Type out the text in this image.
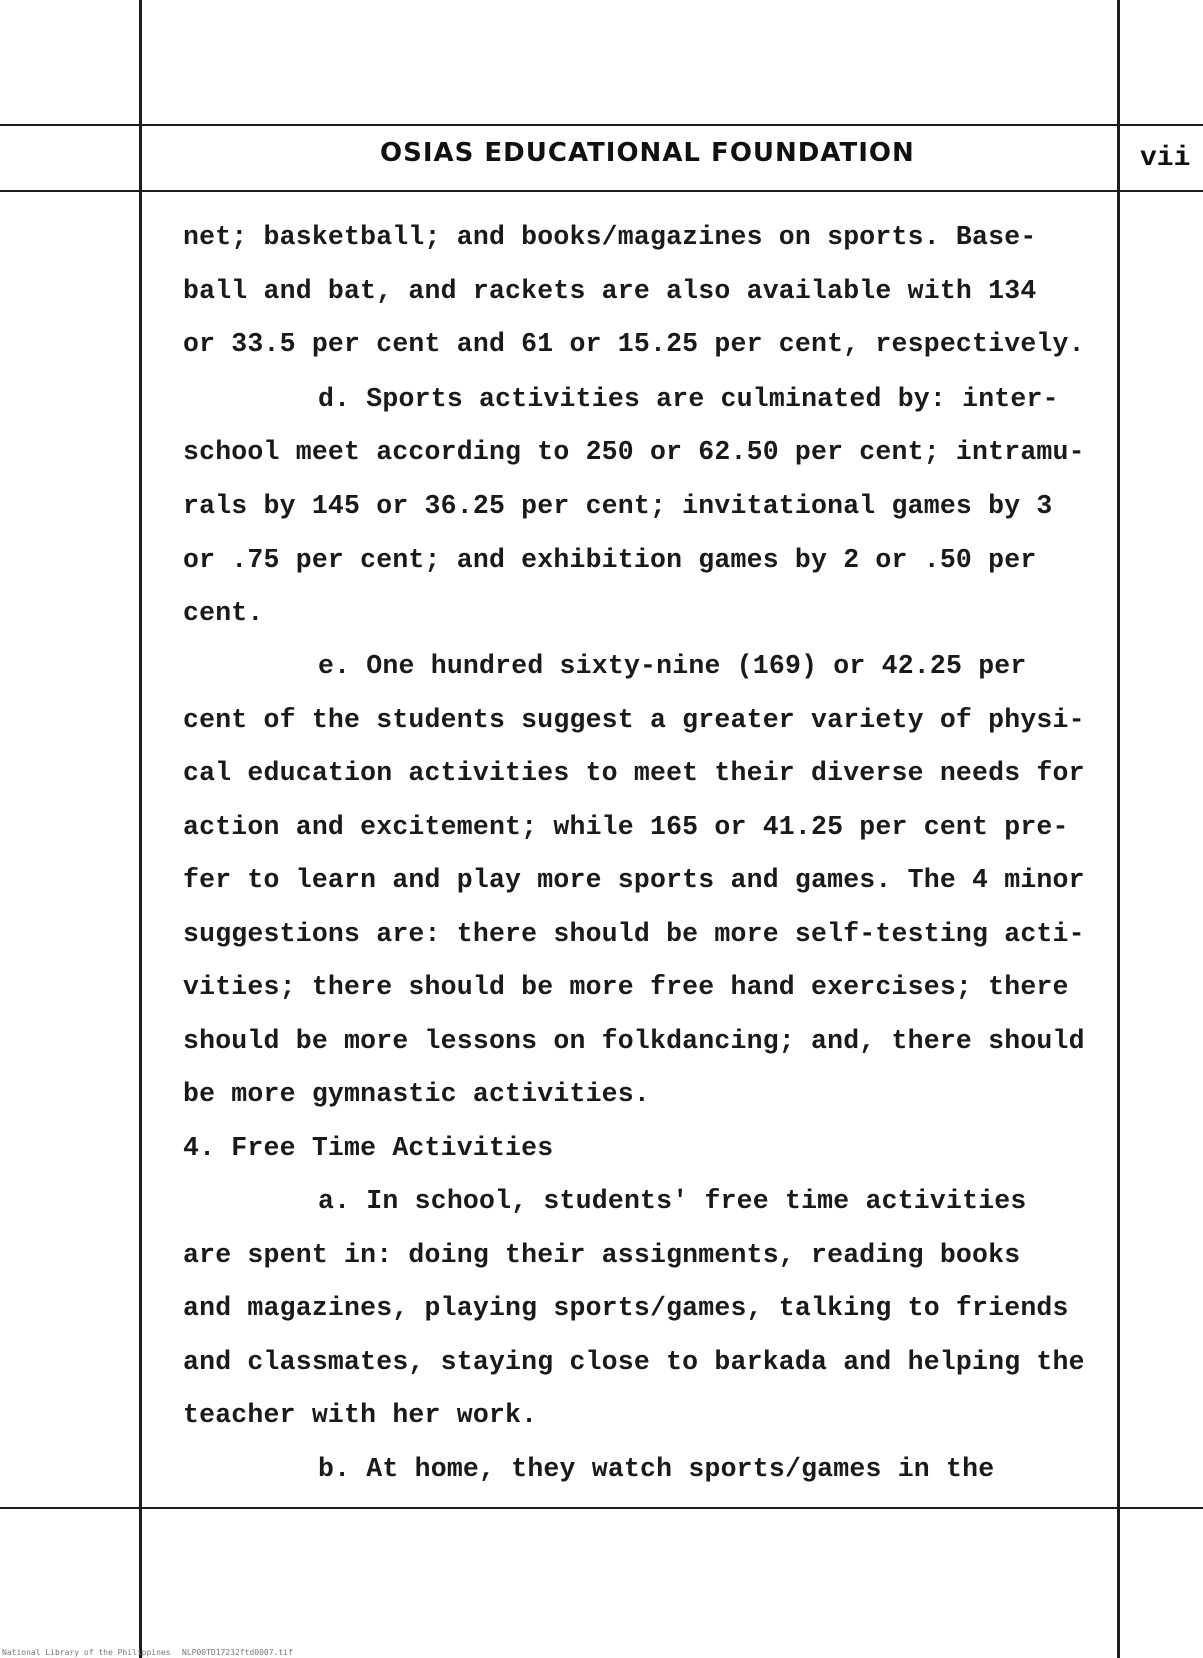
OSIAS EDUCATIONAL FOUNDATION	vii
net; basketball; and books/magazines on sports. Base-
ball and bat, and rackets are also available with 134
or 33.5 per cent and 61 or 15.25 per cent, respectively.
d. Sports activities are culminated by: inter-
school meet according to 250 or 62.50 per cent; intramu-
rals by 145 or 36.25 per cent; invitational games by 3
or .75 per cent; and exhibition games by 2 or .50 per
cent.
e. One hundred sixty-nine (169) or 42.25 per
cent of the students suggest a greater variety of physi-
cal education activities to meet their diverse needs for
action and excitement; while 165 or 41.25 per cent pre-
fer to learn and play more sports and games. The 4 minor
suggestions are: there should be more self-testing acti-
vities; there should be more free hand exercises; there
should be more lessons on folkdancing; and, there should
be more gymnastic activities.
4. Free Time Activities
a. In school, students' free time activities
are spent in: doing their assignments, reading books
and magazines, playing sports/games, talking to friends
and classmates, staying close to barkada and helping the
teacher with her work.
b. At home, they watch sports/games in the
National Library of the Philippines NLP00TD17232ftd0007.tif
